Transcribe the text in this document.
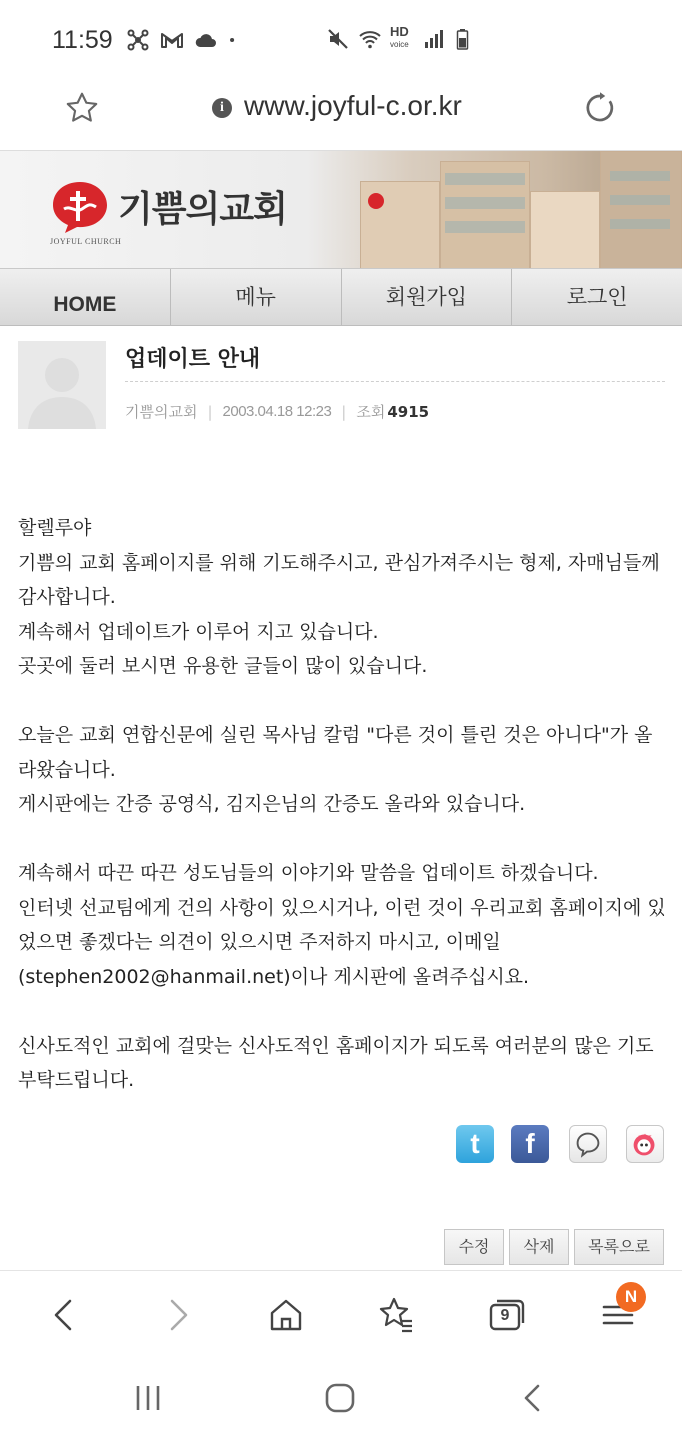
11:59	HD
voice
i www.joyful-c.or.kr
기쁨의교회
JOYFUL CHURCH
HOME	메뉴	회원가입	로그인
업데이트 안내
기쁨의교회 | 2003.04.18 12:23 | 조회 4915

할렐루야

기쁨의 교회 홈페이지를 위해 기도해주시고, 관심가져주시는 형제, 자매님들께 감사합니다.

계속해서 업데이트가 이루어 지고 있습니다.

곳곳에 둘러 보시면 유용한 글들이 많이 있습니다.

오늘은 교회 연합신문에 실린 목사님 칼럼 "다른 것이 틀린 것은 아니다"가 올라왔습니다.

게시판에는 간증 공영식, 김지은님의 간증도 올라와 있습니다.

계속해서 따끈 따끈 성도님들의 이야기와 말씀을 업데이트 하겠습니다.

인터넷 선교팀에게 건의 사항이 있으시거나, 이런 것이 우리교회 홈페이지에 있었으면 좋겠다는 의견이 있으시면 주저하지 마시고, 이메일(stephen2002@hanmail.net)이나 게시판에 올려주십시요.

신사도적인 교회에 걸맞는 신사도적인 홈페이지가 되도록 여러분의 많은 기도 부탁드립니다.

t	f
수정	삭제	목록으로
9
N
